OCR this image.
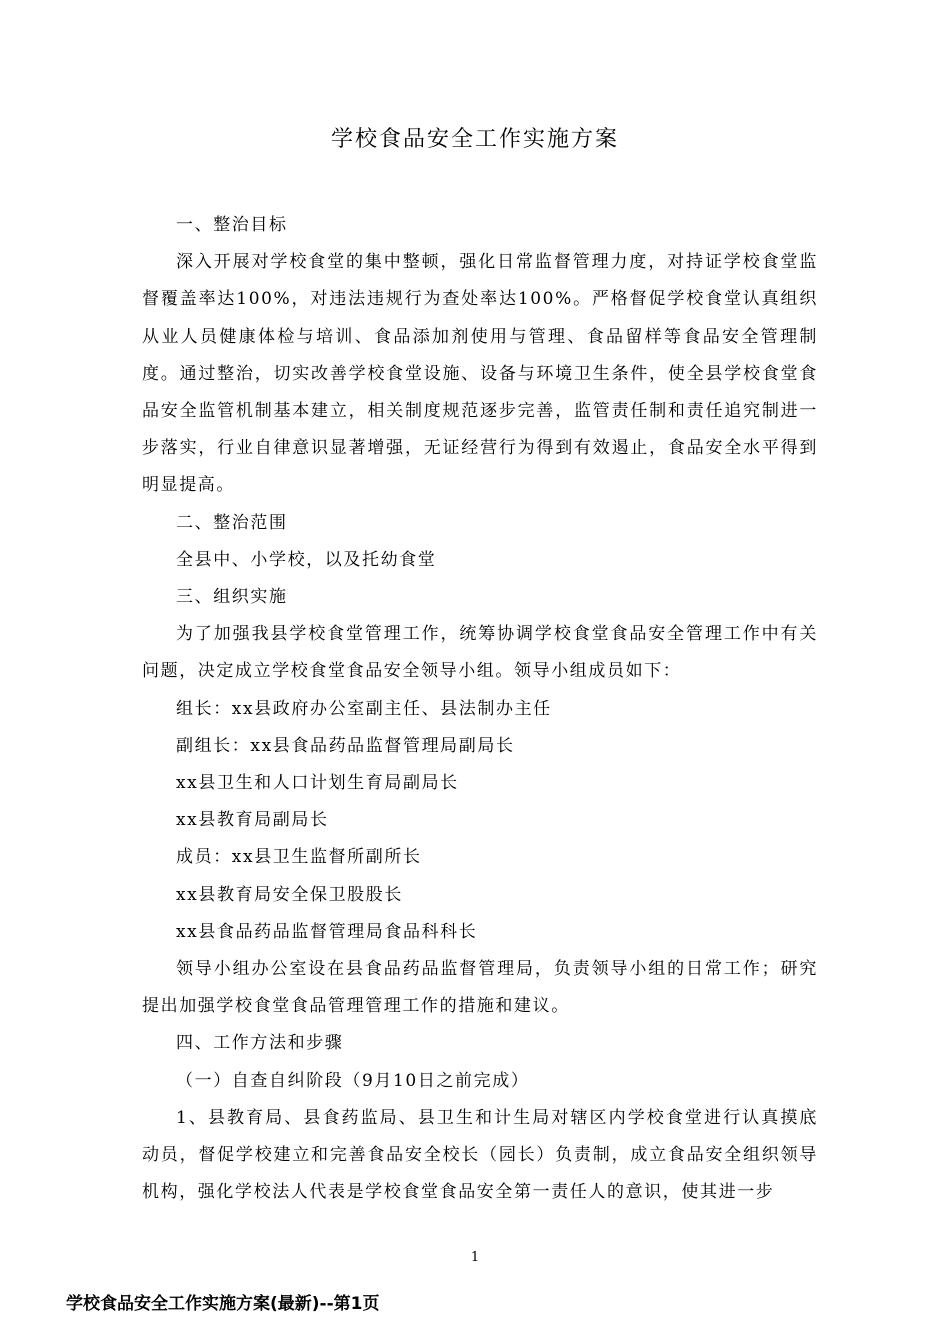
学校食品安全工作实施方案

一、整治目标

深入开展对学校食堂的集中整顿，强化日常监督管理力度，对持证学校食堂监督覆盖率达100%，对违法违规行为查处率达100%。严格督促学校食堂认真组织从业人员健康体检与培训、食品添加剂使用与管理、食品留样等食品安全管理制度。通过整治，切实改善学校食堂设施、设备与环境卫生条件，使全县学校食堂食品安全监管机制基本建立，相关制度规范逐步完善，监管责任制和责任追究制进一步落实，行业自律意识显著增强，无证经营行为得到有效遏止，食品安全水平得到明显提高。

二、整治范围

全县中、小学校，以及托幼食堂

三、组织实施

为了加强我县学校食堂管理工作，统筹协调学校食堂食品安全管理工作中有关问题，决定成立学校食堂食品安全领导小组。领导小组成员如下：

组长：xx县政府办公室副主任、县法制办主任

副组长：xx县食品药品监督管理局副局长

xx县卫生和人口计划生育局副局长

xx县教育局副局长

成员：xx县卫生监督所副所长

xx县教育局安全保卫股股长

xx县食品药品监督管理局食品科科长

领导小组办公室设在县食品药品监督管理局，负责领导小组的日常工作；研究提出加强学校食堂食品管理管理工作的措施和建议。

四、工作方法和步骤

（一）自查自纠阶段（9月10日之前完成）

1、县教育局、县食药监局、县卫生和计生局对辖区内学校食堂进行认真摸底动员，督促学校建立和完善食品安全校长（园长）负责制，成立食品安全组织领导机构，强化学校法人代表是学校食堂食品安全第一责任人的意识，使其进一步

1
学校食品安全工作实施方案(最新)--第1页
